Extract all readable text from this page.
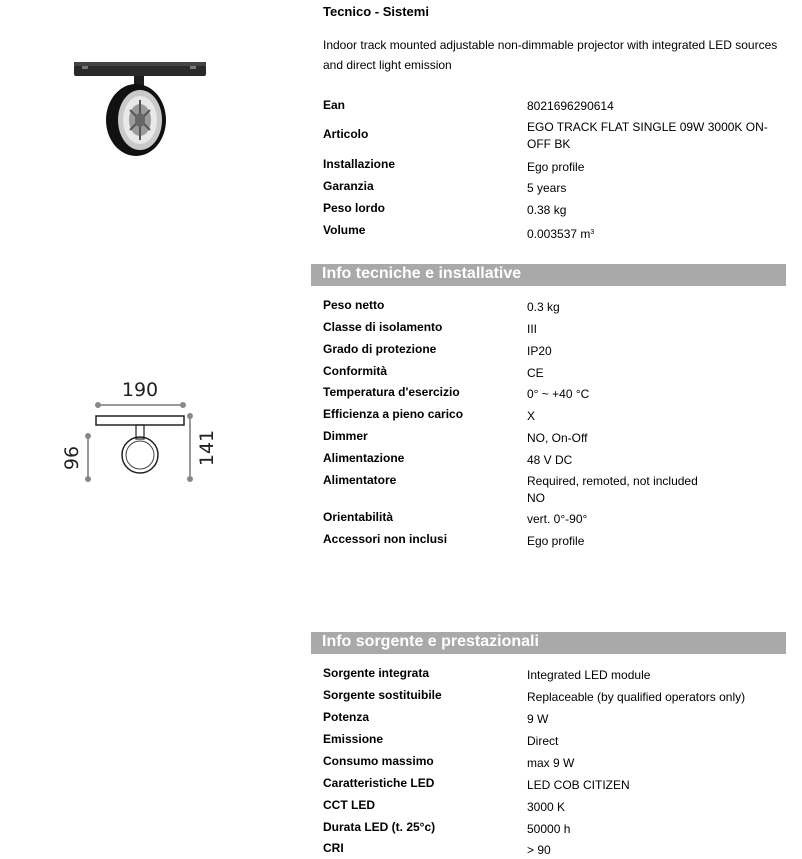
190
96	141
Tecnico - Sistemi
Indoor track mounted adjustable non-dimmable projector with integrated LED sources and direct light emission
Ean	8021696290614
Articolo	EGO TRACK FLAT SINGLE 09W 3000K ON-OFF BK
Installazione	Ego profile
Garanzia	5 years
Peso lordo	0.38 kg
Volume	0.003537 $m^3$
Info tecniche e installative
Peso netto	0.3 kg
Classe di isolamento	III
Grado di protezione	IP20
Conformità	CE
Temperatura d'esercizio	0° ~ +40 °C
Efficienza a pieno carico	X
Dimmer	NO, On-Off
Alimentazione	48 V DC
Alimentatore	Required, remoted, not included
NO
Orientabilità	vert. 0°-90°
Accessori non inclusi	Ego profile
Info sorgente e prestazionali
Sorgente integrata	Integrated LED module
Sorgente sostituibile	Replaceable (by qualified operators only)
Potenza	9 W
Emissione	Direct
Consumo massimo	max 9 W
Caratteristiche LED	LED COB CITIZEN
CCT LED	3000 K
Durata LED (t. 25°c)	50000 h
CRI	> 90
